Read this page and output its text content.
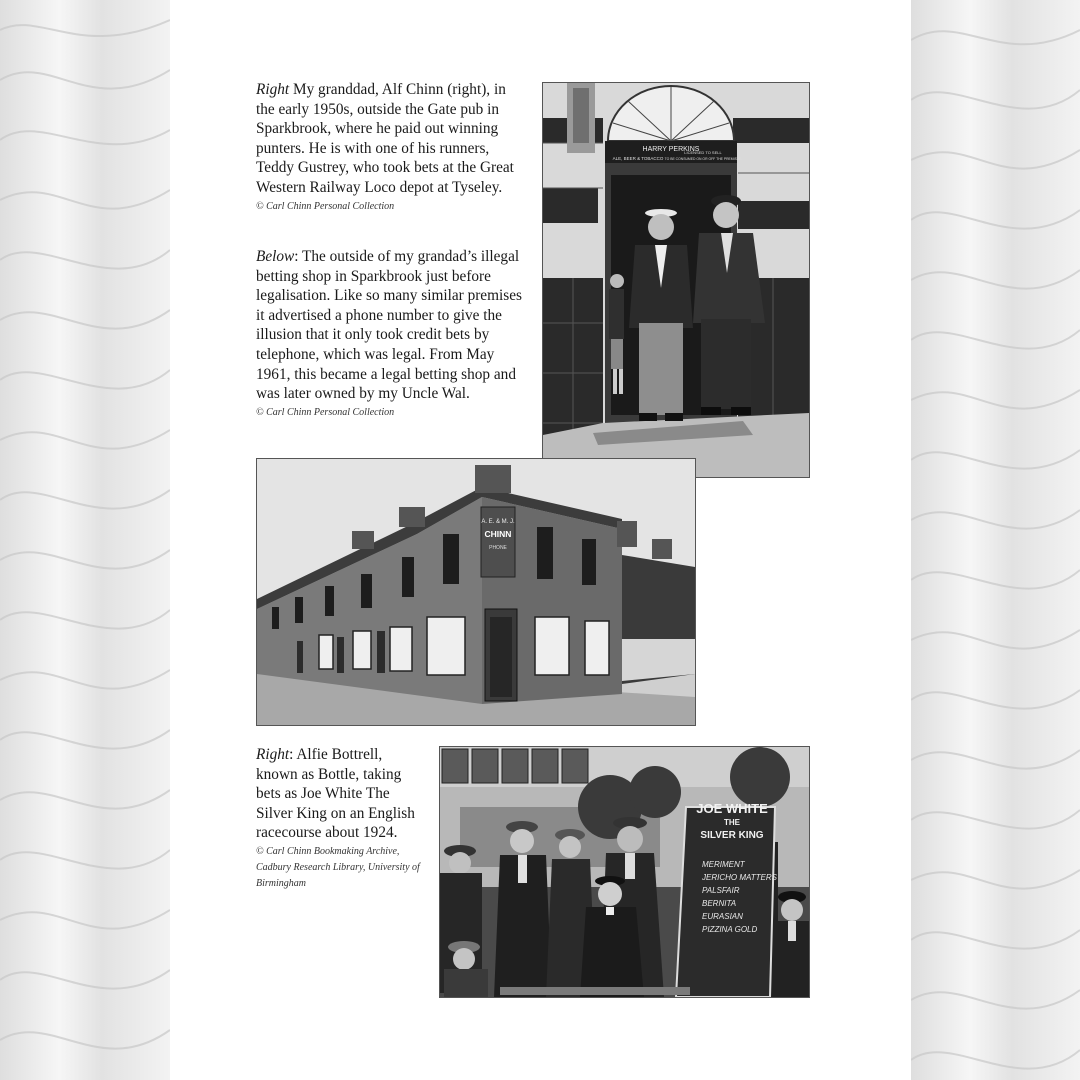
Right My granddad, Alf Chinn (right), in the early 1950s, outside the Gate pub in Sparkbrook, where he paid out winning punters. He is with one of his runners, Teddy Gustrey, who took bets at the Great Western Railway Loco depot at Tyseley.
© Carl Chinn Personal Collection
Below: The outside of my grandad’s illegal betting shop in Sparkbrook just before legalisation. Like so many similar premises it advertised a phone number to give the illusion that it only took credit bets by telephone, which was legal. From May 1961, this became a legal betting shop and was later owned by my Uncle Wal.
© Carl Chinn Personal Collection
Right: Alfie Bottrell, known as Bottle, taking bets as Joe White The Silver King on an English racecourse about 1924.
© Carl Chinn Bookmaking Archive, Cadbury Research Library, University of Birmingham
HARRY PERKINS
ALE, BEER & TOBACCO
LICENSED TO SELL
TO BE CONSUMED ON OR OFF THE PREMISES
A. E. & M. J.
CHINN
PHONE
JOE WHITE
THE
SILVER KING
MERIMENT
JERICHO MATTERS
PALSFAIR
BERNITA
EURASIAN
PIZZINA GOLD
